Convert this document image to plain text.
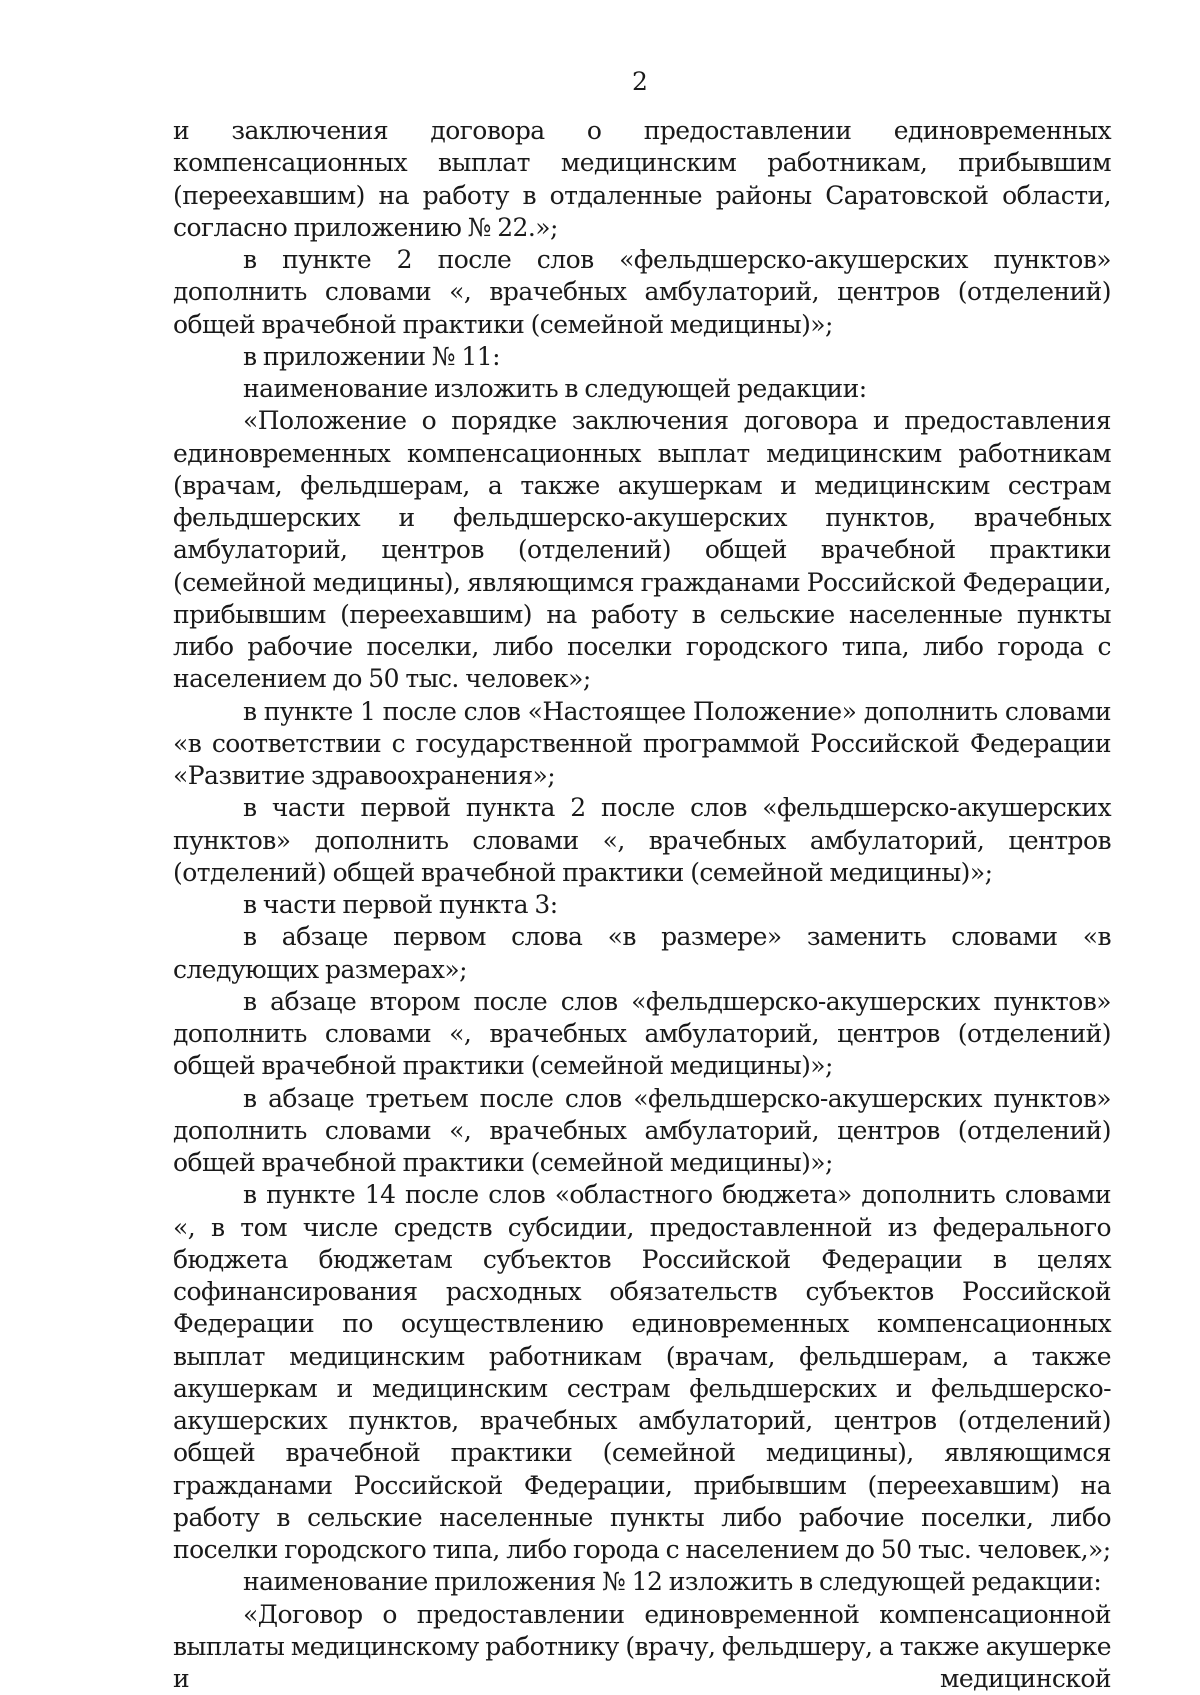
2

и заключения договора о предоставлении единовременных компенсационных выплат медицинским работникам, прибывшим (переехавшим) на работу в отдаленные районы Саратовской области, согласно приложению № 22.»;

в пункте 2 после слов «фельдшерско-акушерских пунктов» дополнить словами «, врачебных амбулаторий, центров (отделений) общей врачебной практики (семейной медицины)»;

в приложении № 11:

наименование изложить в следующей редакции:

«Положение о порядке заключения договора и предоставления единовременных компенсационных выплат медицинским работникам (врачам, фельдшерам, а также акушеркам и медицинским сестрам фельдшерских и фельдшерско-акушерских пунктов, врачебных амбулаторий, центров (отделений) общей врачебной практики (семейной медицины), являющимся гражданами Российской Федерации, прибывшим (переехавшим) на работу в сельские населенные пункты либо рабочие поселки, либо поселки городского типа, либо города с населением до 50 тыс. человек»;

в пункте 1 после слов «Настоящее Положение» дополнить словами «в соответствии с государственной программой Российской Федерации «Развитие здравоохранения»;

в части первой пункта 2 после слов «фельдшерско-акушерских пунктов» дополнить словами «, врачебных амбулаторий, центров (отделений) общей врачебной практики (семейной медицины)»;

в части первой пункта 3:

в абзаце первом слова «в размере» заменить словами «в следующих размерах»;

в абзаце втором после слов «фельдшерско-акушерских пунктов» дополнить словами «, врачебных амбулаторий, центров (отделений) общей врачебной практики (семейной медицины)»;

в абзаце третьем после слов «фельдшерско-акушерских пунктов» дополнить словами «, врачебных амбулаторий, центров (отделений) общей врачебной практики (семейной медицины)»;

в пункте 14 после слов «областного бюджета» дополнить словами «, в том числе средств субсидии, предоставленной из федерального бюджета бюджетам субъектов Российской Федерации в целях софинансирования расходных обязательств субъектов Российской Федерации по осуществлению единовременных компенсационных выплат медицинским работникам (врачам, фельдшерам, а также акушеркам и медицинским сестрам фельдшерских и фельдшерско-акушерских пунктов, врачебных амбулаторий, центров (отделений) общей врачебной практики (семейной медицины), являющимся гражданами Российской Федерации, прибывшим (переехавшим) на работу в сельские населенные пункты либо рабочие поселки, либо поселки городского типа, либо города с населением до 50 тыс. человек,»;

наименование приложения № 12 изложить в следующей редакции:

«Договор о предоставлении единовременной компенсационной выплаты медицинскому работнику (врачу, фельдшеру, а также акушерке и медицинской
